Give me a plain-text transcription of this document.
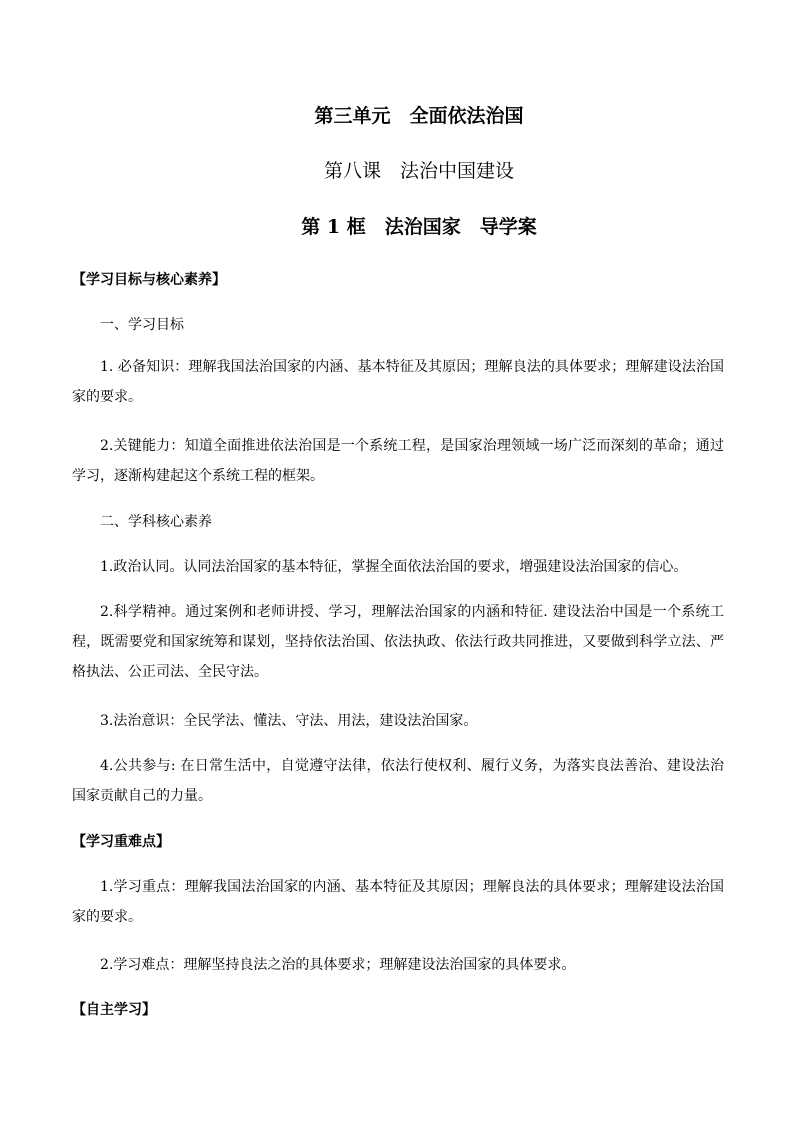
第三单元　全面依法治国
第八课　法治中国建设
第 1 框　法治国家　导学案
【学习目标与核心素养】
一、学习目标
1. 必备知识：理解我国法治国家的内涵、基本特征及其原因；理解良法的具体要求；理解建设法治国家的要求。
2.关键能力：知道全面推进依法治国是一个系统工程，是国家治理领域一场广泛而深刻的革命；通过学习，逐渐构建起这个系统工程的框架。
二、学科核心素养
1.政治认同。认同法治国家的基本特征，掌握全面依法治国的要求，增强建设法治国家的信心。
2.科学精神。通过案例和老师讲授、学习，理解法治国家的内涵和特征. 建设法治中国是一个系统工程，既需要党和国家统筹和谋划，坚持依法治国、依法执政、依法行政共同推进，又要做到科学立法、严格执法、公正司法、全民守法。
3.法治意识：全民学法、懂法、守法、用法，建设法治国家。
4.公共参与: 在日常生活中，自觉遵守法律，依法行使权利、履行义务，为落实良法善治、建设法治国家贡献自己的力量。
【学习重难点】
1.学习重点：理解我国法治国家的内涵、基本特征及其原因；理解良法的具体要求；理解建设法治国家的要求。
2.学习难点：理解坚持良法之治的具体要求；理解建设法治国家的具体要求。
【自主学习】
